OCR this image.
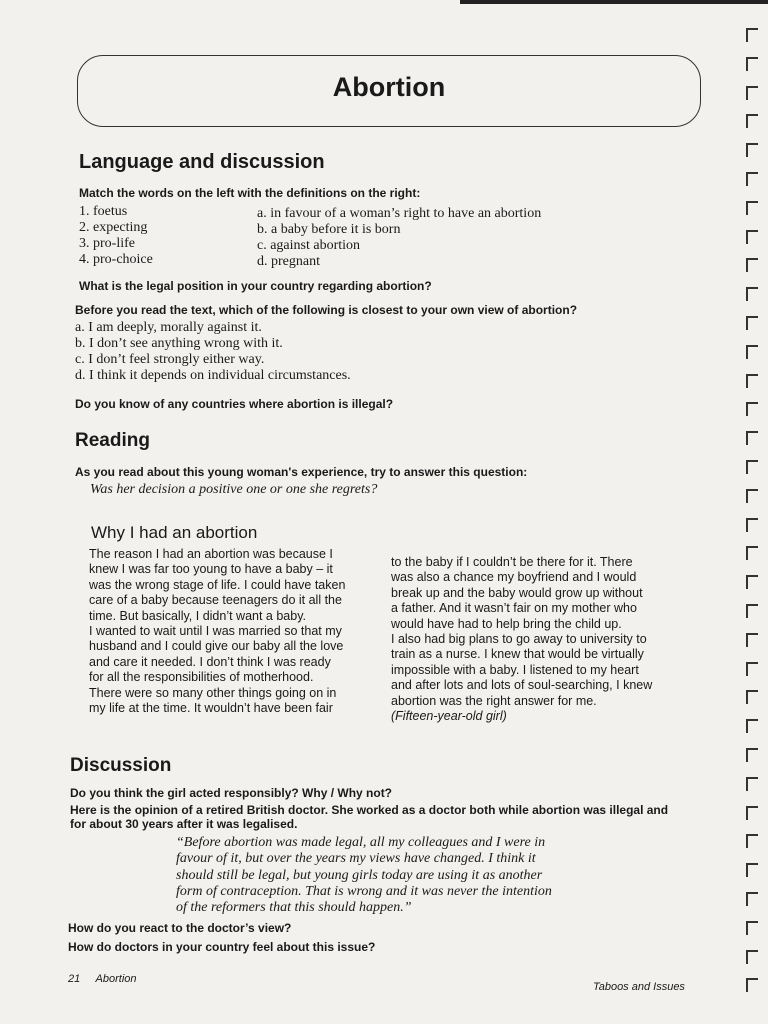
Abortion
Language and discussion

Match the words on the left with the definitions on the right:

1. foetus
2. expecting
3. pro-life
4. pro-choice
a. in favour of a woman’s right to have an abortion
b. a baby before it is born
c. against abortion
d. pregnant

What is the legal position in your country regarding abortion?

Before you read the text, which of the following is closest to your own view of abortion?

a. I am deeply, morally against it.
b. I don’t see anything wrong with it.
c. I don’t feel strongly either way.
d. I think it depends on individual circumstances.

Do you know of any countries where abortion is illegal?

Reading

As you read about this young woman's experience, try to answer this question:

Was her decision a positive one or one she regrets?

Why I had an abortion

The reason I had an abortion was because I
knew I was far too young to have a baby – it
was the wrong stage of life. I could have taken
care of a baby because teenagers do it all the
time. But basically, I didn’t want a baby.
I wanted to wait until I was married so that my
husband and I could give our baby all the love
and care it needed. I don’t think I was ready
for all the responsibilities of motherhood.
There were so many other things going on in
my life at the time. It wouldn’t have been fair
to the baby if I couldn’t be there for it. There
was also a chance my boyfriend and I would
break up and the baby would grow up without
a father. And it wasn’t fair on my mother who
would have had to help bring the child up.
I also had big plans to go away to university to
train as a nurse. I knew that would be virtually
impossible with a baby. I listened to my heart
and after lots and lots of soul-searching, I knew
abortion was the right answer for me.
(Fifteen-year-old girl)
Discussion

Do you think the girl acted responsibly? Why / Why not?

Here is the opinion of a retired British doctor. She worked as a doctor both while abortion was illegal and
for about 30 years after it was legalised.
“Before abortion was made legal, all my colleagues and I were in
favour of it, but over the years my views have changed. I think it
should still be legal, but young girls today are using it as another
form of contraception. That is wrong and it was never the intention
of the reformers that this should happen.”

How do you react to the doctor’s view?

How do doctors in your country feel about this issue?

21 Abortion

Taboos and Issues
